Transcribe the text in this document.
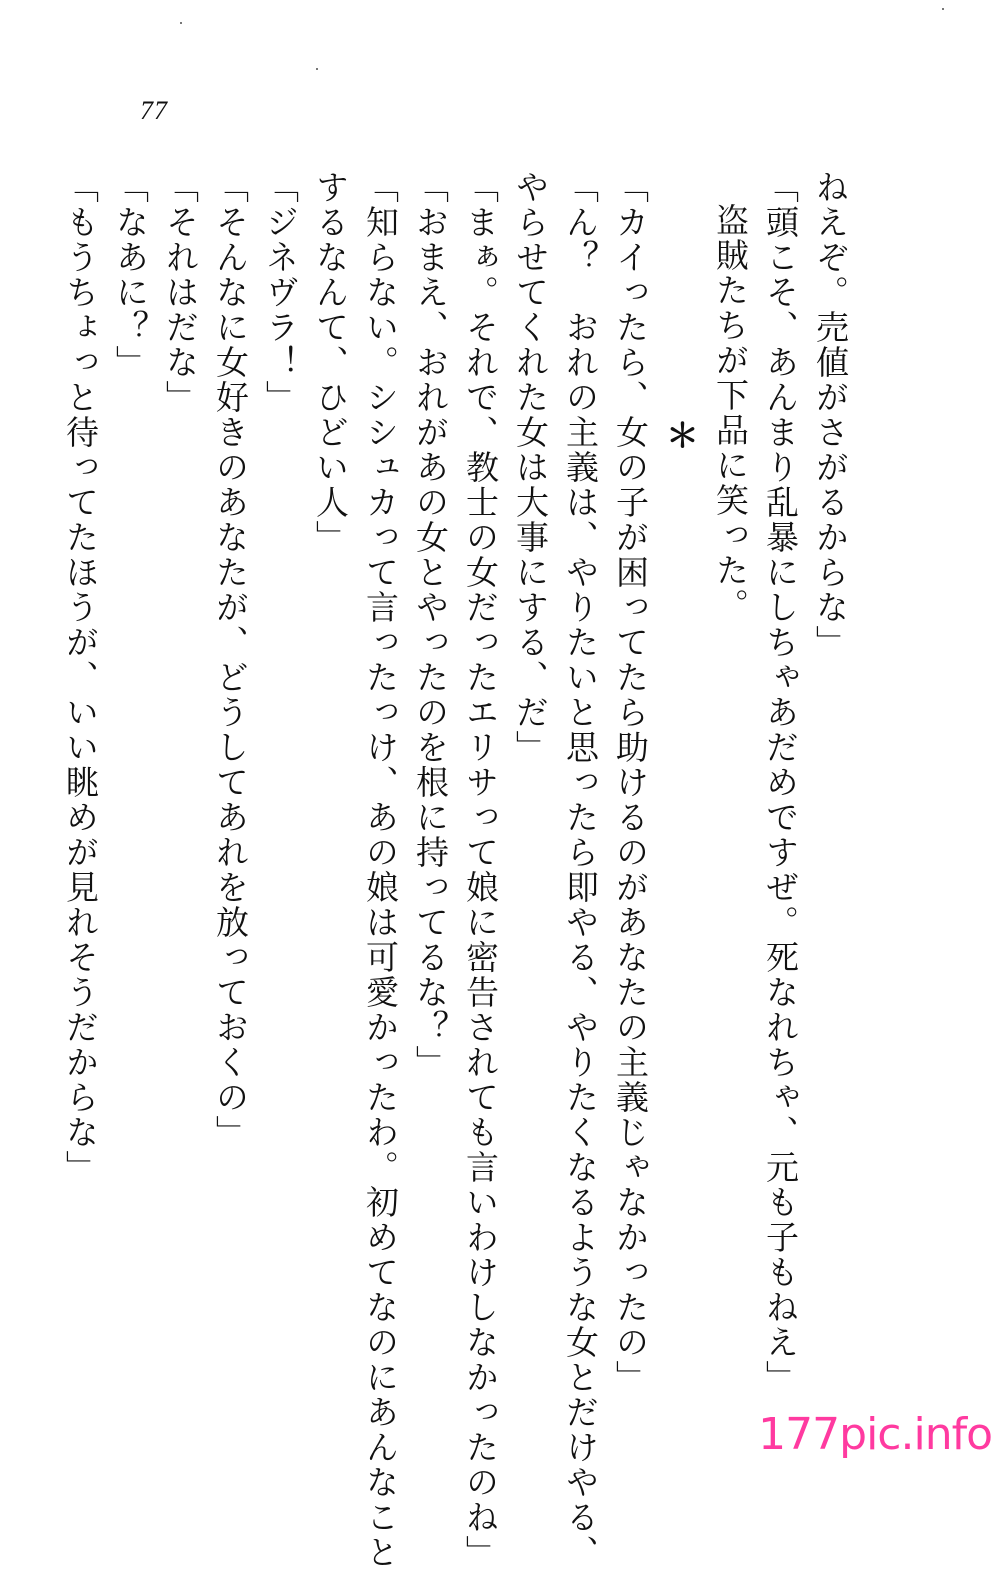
77
ねえぞ。売値がさがるからな」
「頭こそ、あんまり乱暴にしちゃあだめですぜ。死なれちゃ、元も子もねえ」
盗賊たちが下品に笑った。
＊
「カイったら、女の子が困ってたら助けるのがあなたの主義じゃなかったの」
「ん？　おれの主義は、やりたいと思ったら即やる、やりたくなるような女とだけやる、
やらせてくれた女は大事にする、だ」
「まぁ。それで、教士の女だったエリサって娘に密告されても言いわけしなかったのね」
「おまえ、おれがあの女とやったのを根に持ってるな？」
「知らない。シシュカって言ったっけ、あの娘は可愛かったわ。初めてなのにあんなこと
するなんて、ひどい人」
「ジネヴラ！」
「そんなに女好きのあなたが、どうしてあれを放っておくの」
「それはだな」
「なあに？」
「もうちょっと待ってたほうが、いい眺めが見れそうだからな」
177pic.info
